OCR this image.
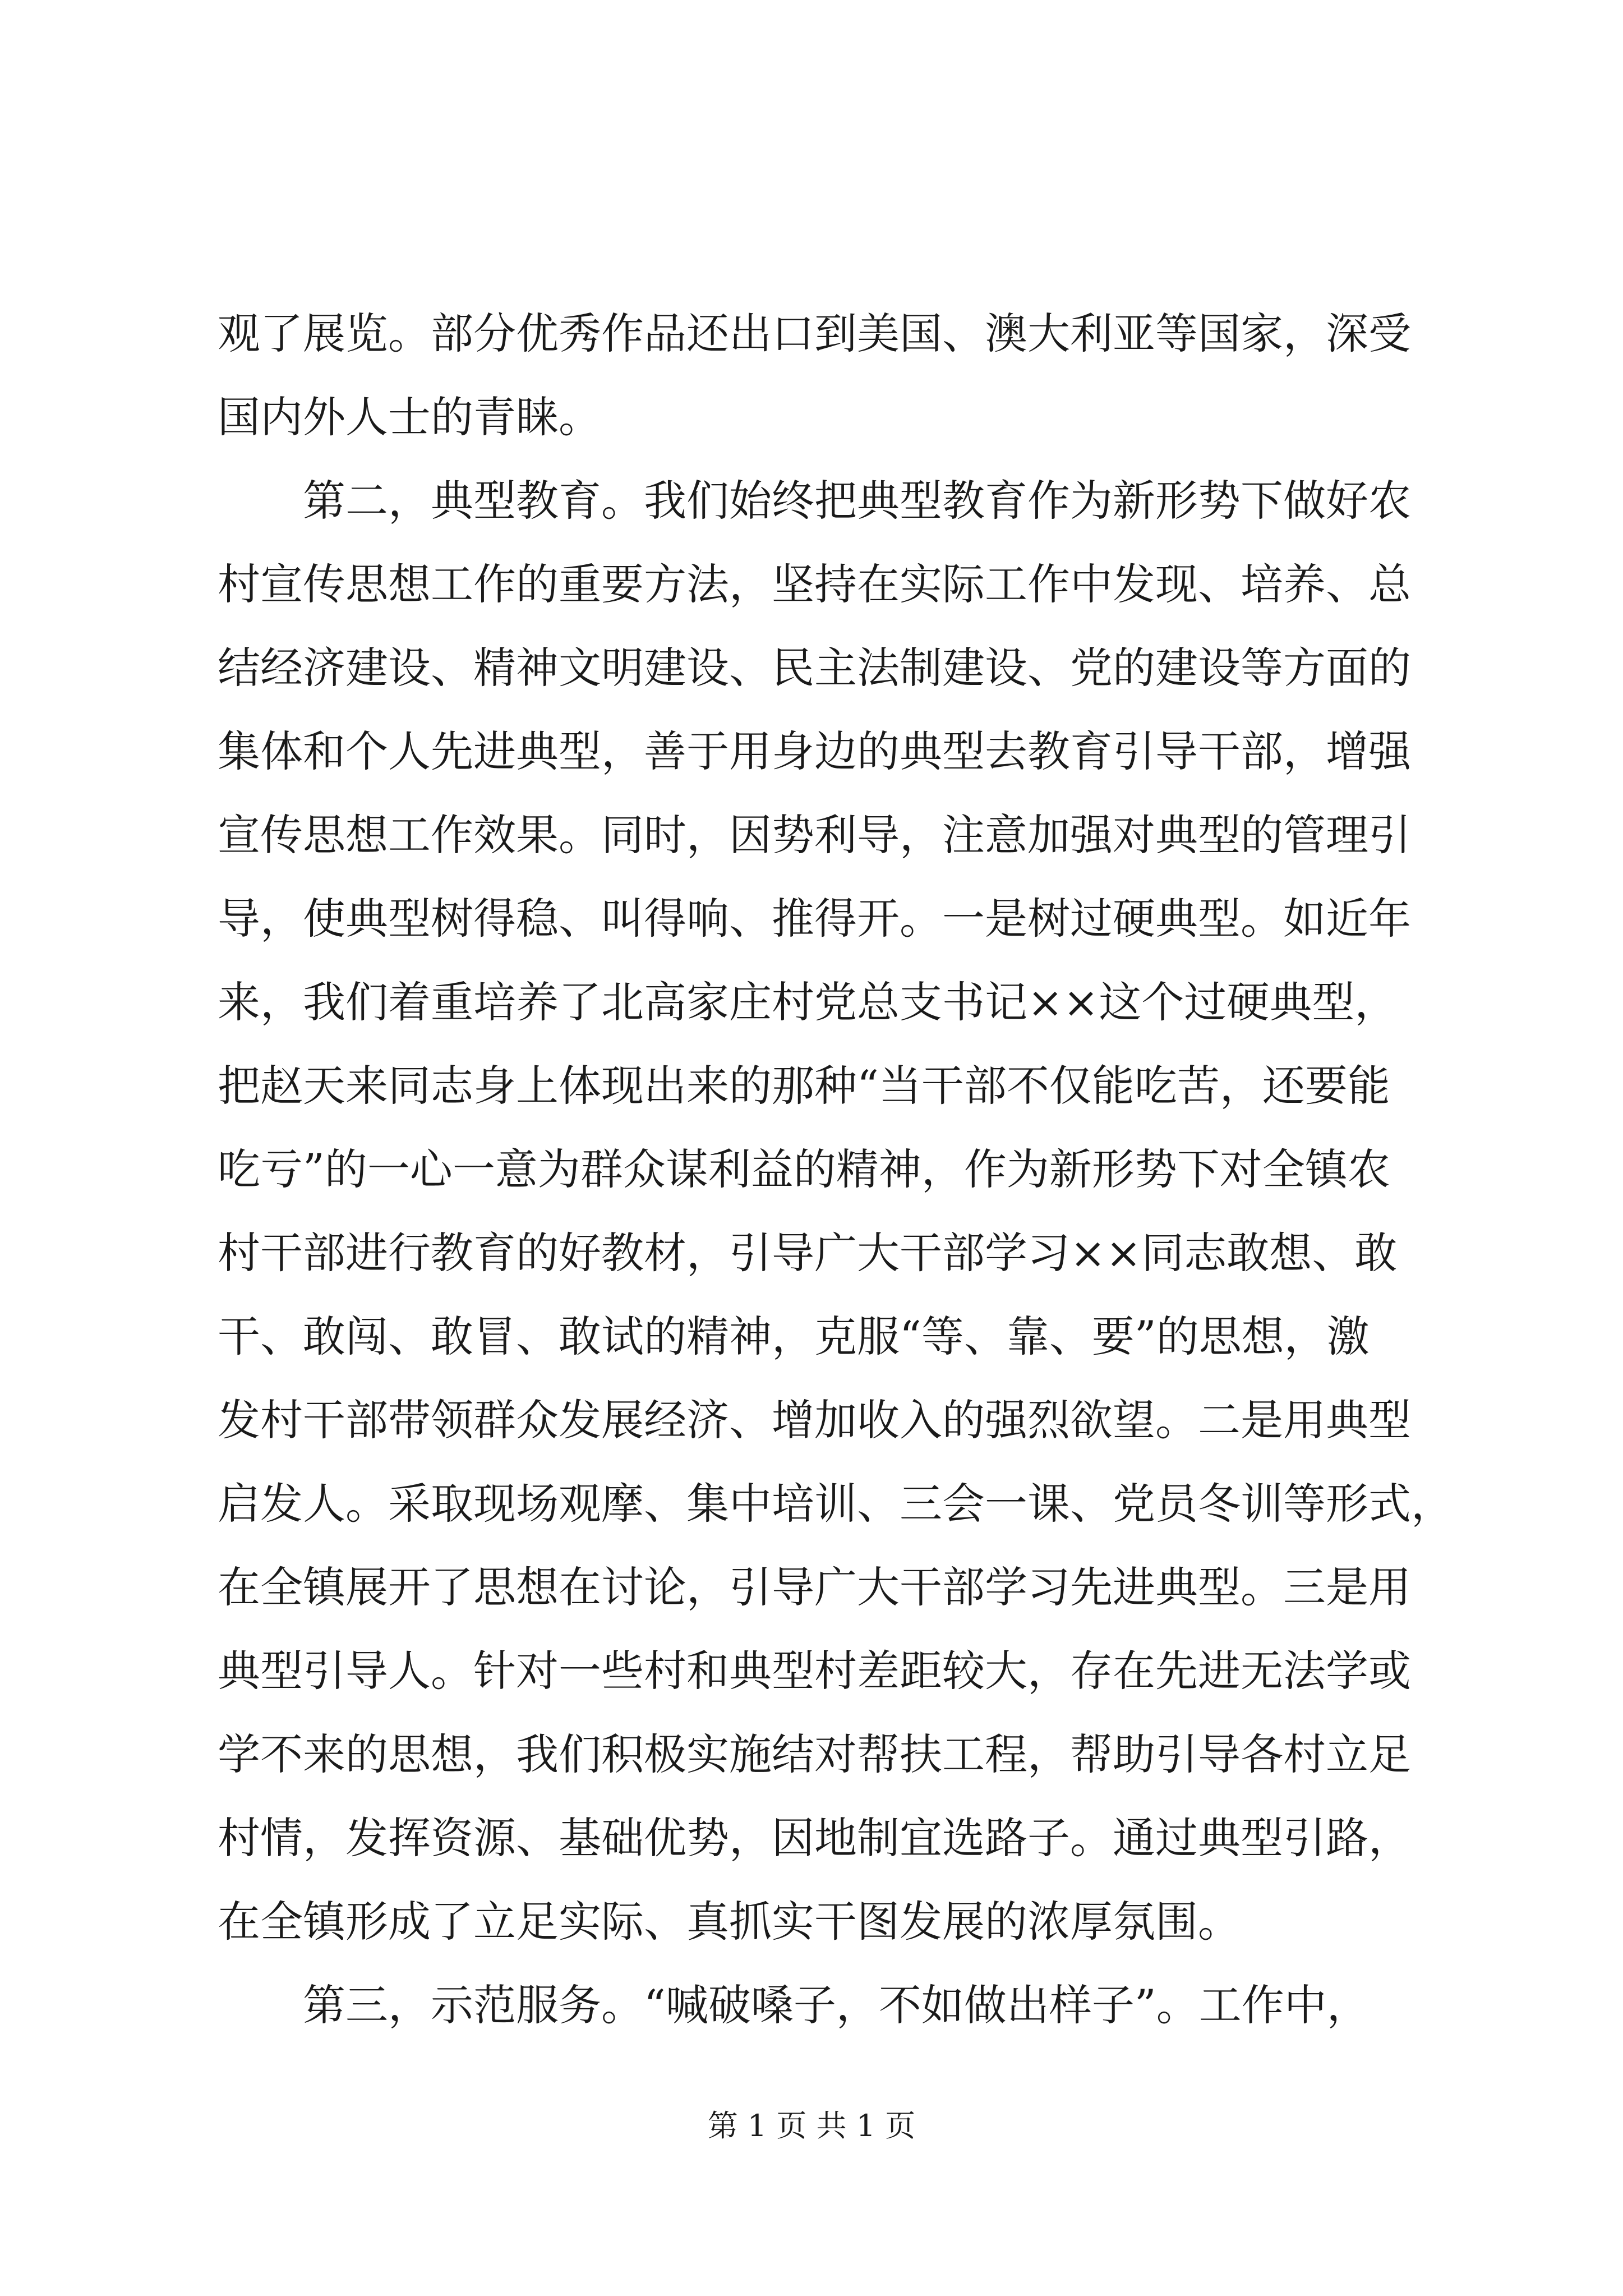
观了展览。部分优秀作品还出口到美国、澳大利亚等国家，深受
国内外人士的青睐。
第二，典型教育。我们始终把典型教育作为新形势下做好农
村宣传思想工作的重要方法，坚持在实际工作中发现、培养、总
结经济建设、精神文明建设、民主法制建设、党的建设等方面的
集体和个人先进典型，善于用身边的典型去教育引导干部，增强
宣传思想工作效果。同时，因势利导，注意加强对典型的管理引
导，使典型树得稳、叫得响、推得开。一是树过硬典型。如近年
来，我们着重培养了北高家庄村党总支书记××这个过硬典型，
把赵天来同志身上体现出来的那种“当干部不仅能吃苦，还要能
吃亏”的一心一意为群众谋利益的精神，作为新形势下对全镇农
村干部进行教育的好教材，引导广大干部学习××同志敢想、敢
干、敢闯、敢冒、敢试的精神，克服“等、靠、要”的思想，激
发村干部带领群众发展经济、增加收入的强烈欲望。二是用典型
启发人。采取现场观摩、集中培训、三会一课、党员冬训等形式，
在全镇展开了思想在讨论，引导广大干部学习先进典型。三是用
典型引导人。针对一些村和典型村差距较大，存在先进无法学或
学不来的思想，我们积极实施结对帮扶工程，帮助引导各村立足
村情，发挥资源、基础优势，因地制宜选路子。通过典型引路，
在全镇形成了立足实际、真抓实干图发展的浓厚氛围。
第三，示范服务。“喊破嗓子，不如做出样子”。工作中，
第 1 页 共 1 页
